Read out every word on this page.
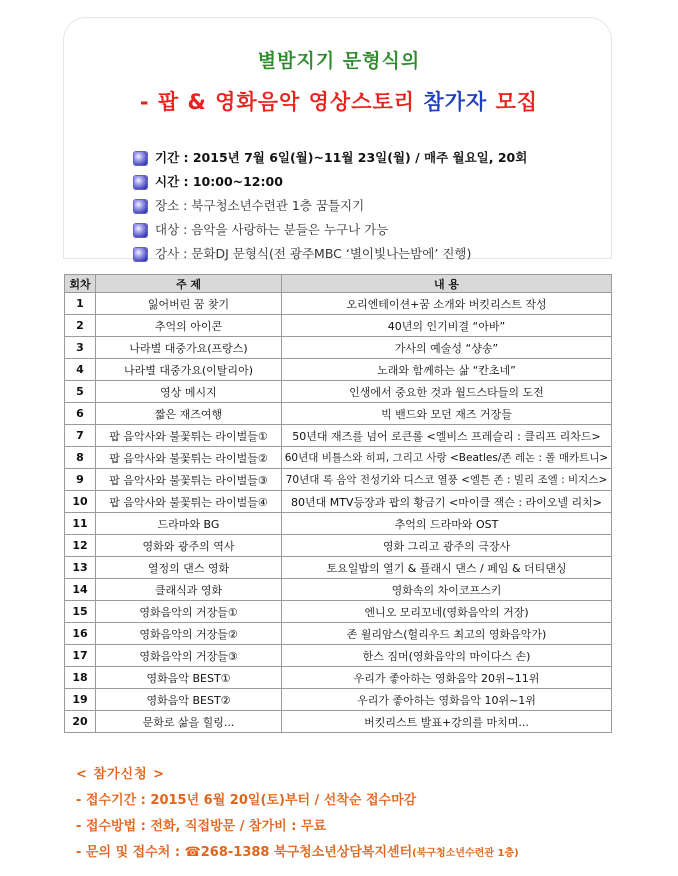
별밤지기 문형식의
- 팝 & 영화음악 영상스토리 참가자 모집
기간 : 2015년 7월 6일(월)~11월 23일(월) / 매주 월요일, 20회
시간 : 10:00~12:00
장소 : 북구청소년수련관 1층 꿈틀지기
대상 : 음악을 사랑하는 분들은 누구나 가능
강사 : 문화DJ 문형식(전 광주MBC ‘별이빛나는밤에’ 진행)
회차	주 제	내 용
1	잃어버린 꿈 찾기	오리엔테이션+꿈 소개와 버킷리스트 작성
2	추억의 아이콘	40년의 인기비결 “아바”
3	나라별 대중가요(프랑스)	가사의 예술성 “샹송”
4	나라별 대중가요(이탈리아)	노래와 함께하는 삶 “칸초네”
5	영상 메시지	인생에서 중요한 것과 월드스타들의 도전
6	짧은 재즈여행	빅 밴드와 모던 재즈 거장들
7	팝 음악사와 불꽃튀는 라이벌들①	50년대 재즈를 넘어 로큰롤 <엘비스 프레슬리 : 클리프 리차드>
8	팝 음악사와 불꽃튀는 라이벌들②	60년대 비틀스와 히피, 그리고 사랑 <Beatles/존 레논 : 폴 매카트니>
9	팝 음악사와 불꽃튀는 라이벌들③	70년대 록 음악 전성기와 디스코 열풍 <엘튼 존 : 빌리 조엘 : 비지스>
10	팝 음악사와 불꽃튀는 라이벌들④	80년대 MTV등장과 팝의 황금기 <마이클 잭슨 : 라이오넬 리치>
11	드라마와 BG	추억의 드라마와 OST
12	영화와 광주의 역사	영화 그리고 광주의 극장사
13	열정의 댄스 영화	토요일밤의 열기 & 플래시 댄스 / 페임 & 더티댄싱
14	클래식과 영화	영화속의 차이코프스키
15	영화음악의 거장들①	엔니오 모리꼬네(영화음악의 거장)
16	영화음악의 거장들②	존 윌리암스(헐리우드 최고의 영화음악가)
17	영화음악의 거장들③	한스 짐머(영화음악의 마이다스 손)
18	영화음악 BEST①	우리가 좋아하는 영화음악 20위~11위
19	영화음악 BEST②	우리가 좋아하는 영화음악 10위~1위
20	문화로 삶을 힐링...	버킷리스트 발표+강의를 마치며...
< 참가신청 >
- 접수기간 : 2015년 6월 20일(토)부터 / 선착순 접수마감
- 접수방법 : 전화, 직접방문 / 참가비 : 무료
- 문의 및 접수처 : ☎268-1388 북구청소년상담복지센터(북구청소년수련관 1층)
